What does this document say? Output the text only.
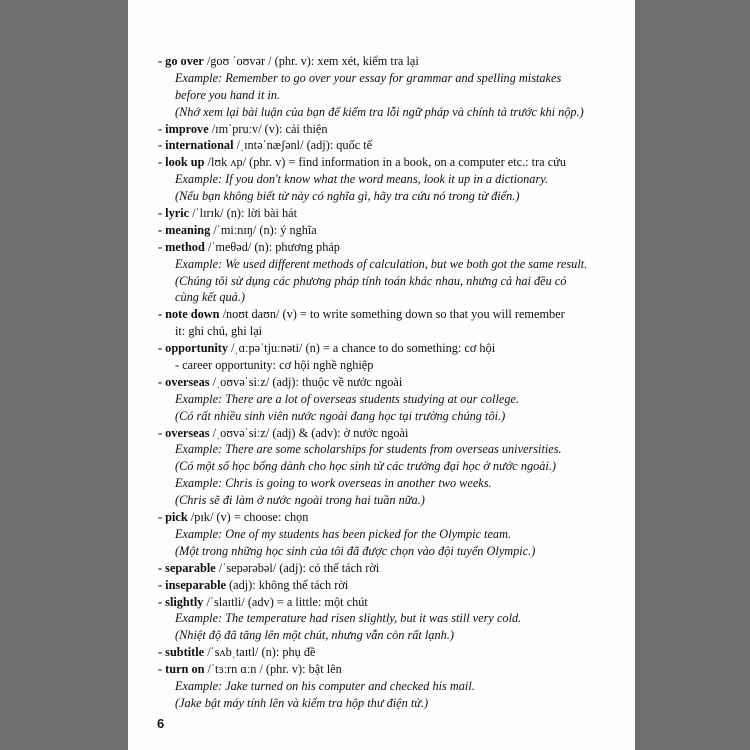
- go over /goʊ ˈoʊvər / (phr. v): xem xét, kiểm tra lại
Example: Remember to go over your essay for grammar and spelling mistakes
before you hand it in.
(Nhớ xem lại bài luận của bạn để kiểm tra lỗi ngữ pháp và chính tả trước khi nộp.)
- improve /ɪmˈpruːv/ (v): cải thiện
- international /ˌɪntəˈnæʃənl/ (adj): quốc tế
- look up /lʊk ʌp/ (phr. v) = find information in a book, on a computer etc.: tra cứu
Example: If you don't know what the word means, look it up in a dictionary.
(Nếu bạn không biết từ này có nghĩa gì, hãy tra cứu nó trong từ điển.)
- lyric /ˈlɪrɪk/ (n): lời bài hát
- meaning /ˈmiːnɪŋ/ (n): ý nghĩa
- method /ˈmeθəd/ (n): phương pháp
Example: We used different methods of calculation, but we both got the same result.
(Chúng tôi sử dụng các phương pháp tính toán khác nhau, nhưng cả hai đều có
cùng kết quả.)
- note down /noʊt daʊn/ (v) = to write something down so that you will remember
it: ghi chú, ghi lại
- opportunity /ˌɑːpəˈtjuːnəti/ (n) = a chance to do something: cơ hội
- career opportunity: cơ hội nghề nghiệp
- overseas /ˌoʊvəˈsiːz/ (adj): thuộc về nước ngoài
Example: There are a lot of overseas students studying at our college.
(Có rất nhiều sinh viên nước ngoài đang học tại trường chúng tôi.)
- overseas /ˌoʊvəˈsiːz/ (adj) & (adv): ở nước ngoài
Example: There are some scholarships for students from overseas universities.
(Có một số học bổng dành cho học sinh từ các trường đại học ở nước ngoài.)
Example: Chris is going to work overseas in another two weeks.
(Chris sẽ đi làm ở nước ngoài trong hai tuần nữa.)
- pick /pɪk/ (v) = choose: chọn
Example: One of my students has been picked for the Olympic team.
(Một trong những học sinh của tôi đã được chọn vào đội tuyển Olympic.)
- separable /ˈsepərəbəl/ (adj): có thể tách rời
- inseparable (adj): không thể tách rời
- slightly /ˈslaɪtli/ (adv) = a little: một chút
Example: The temperature had risen slightly, but it was still very cold.
(Nhiệt độ đã tăng lên một chút, nhưng vẫn còn rất lạnh.)
- subtitle /ˈsʌbˌtaɪtl/ (n): phụ đề
- turn on /ˈtɜːrn ɑːn / (phr. v): bật lên
Example: Jake turned on his computer and checked his mail.
(Jake bật máy tính lên và kiểm tra hộp thư điện tử.)
6
